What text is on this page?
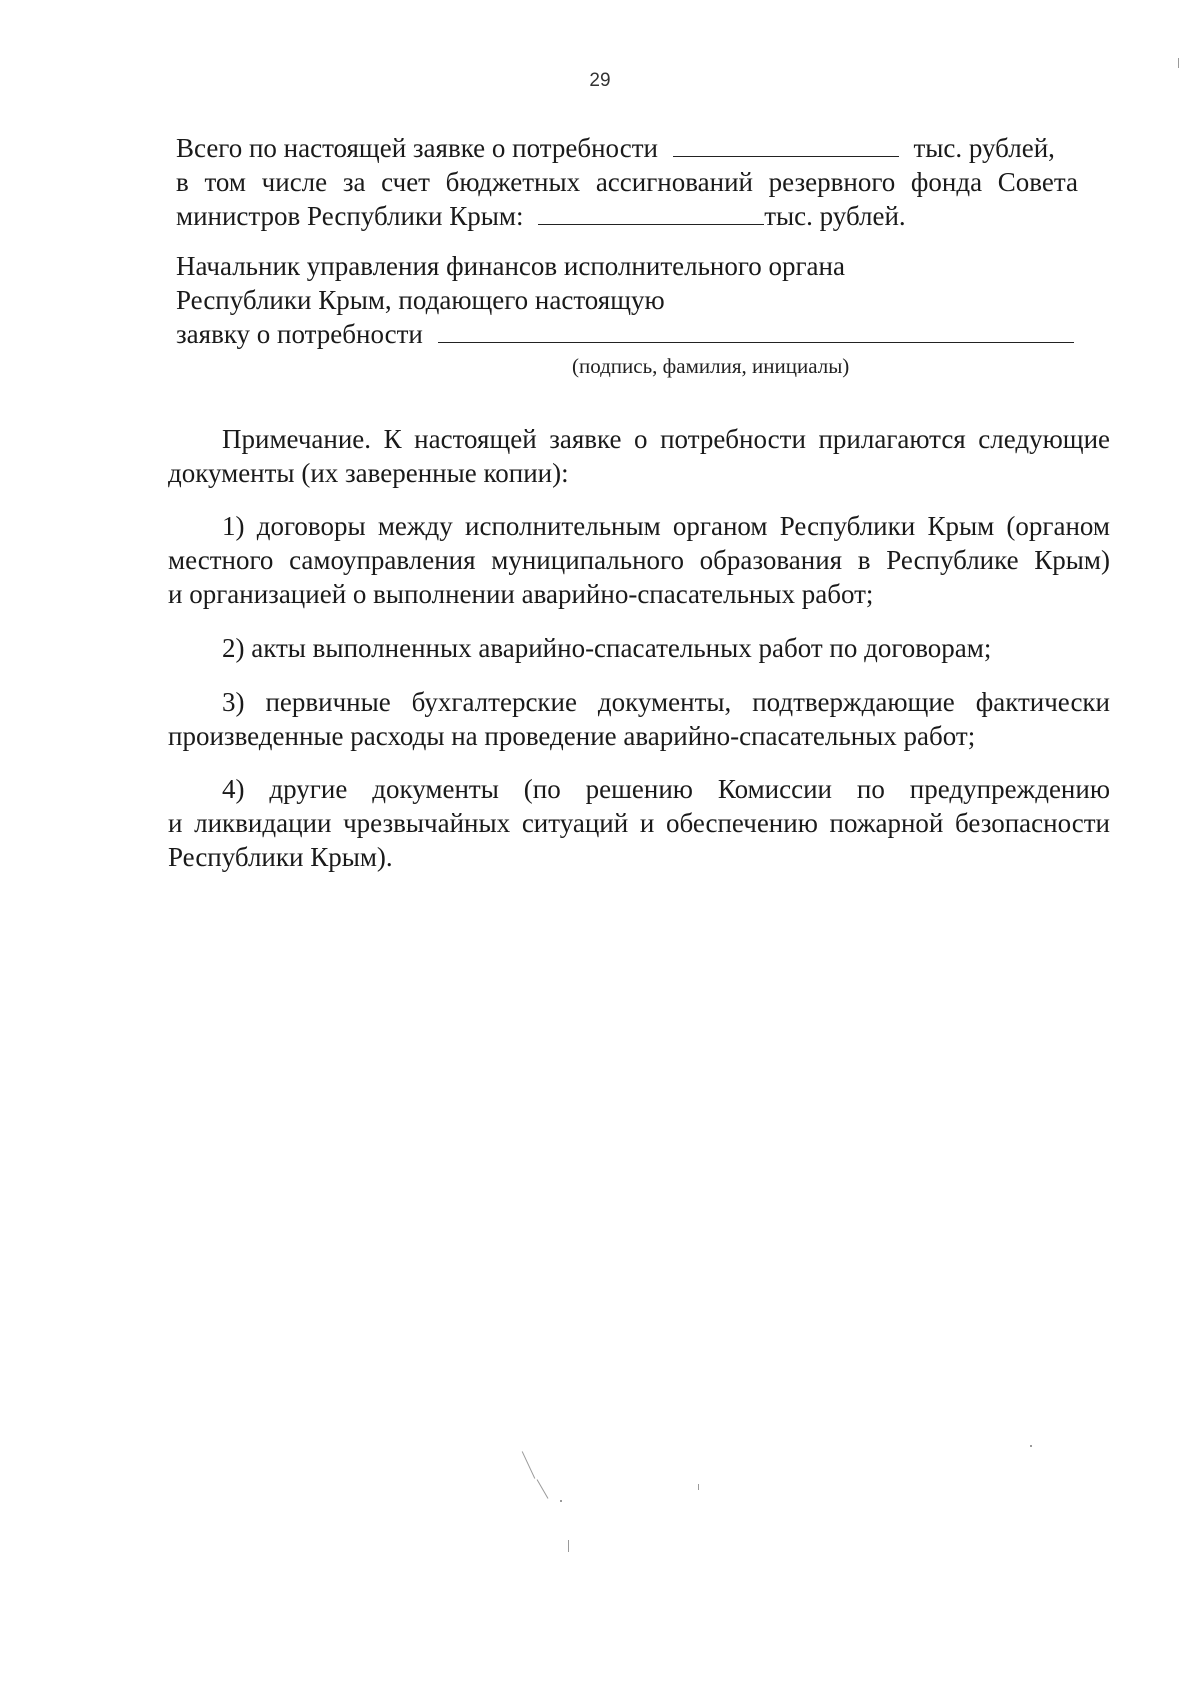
29
Всего по настоящей заявке о потребности	тыс. рублей,
в том числе за счет бюджетных ассигнований резервного фонда Совета
министров Республики Крым:	тыс. рублей.
Начальник управления финансов исполнительного органа
Республики Крым, подающего настоящую
заявку о потребности
(подпись, фамилия, инициалы)
Примечание. К настоящей заявке о потребности прилагаются следующие
документы (их заверенные копии):
1) договоры между исполнительным органом Республики Крым (органом
местного самоуправления муниципального образования в Республике Крым)
и организацией о выполнении аварийно-спасательных работ;
2) акты выполненных аварийно-спасательных работ по договорам;
3) первичные бухгалтерские документы, подтверждающие фактически
произведенные расходы на проведение аварийно-спасательных работ;
4) другие документы (по решению Комиссии по предупреждению
и ликвидации чрезвычайных ситуаций и обеспечению пожарной безопасности
Республики Крым).
